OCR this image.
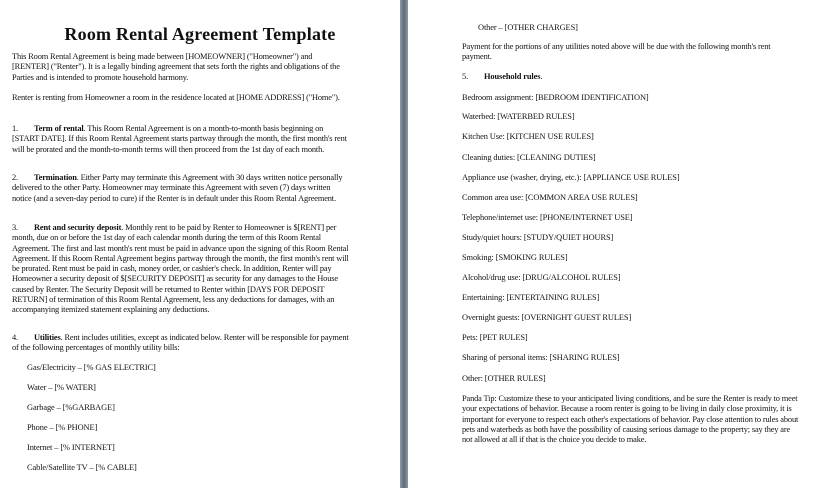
Room Rental Agreement Template
This Room Rental Agreement is being made between [HOMEOWNER] ("Homeowner") and [RENTER] ("Renter"). It is a legally binding agreement that sets forth the rights and obligations of the Parties and is intended to promote household harmony.
Renter is renting from Homeowner a room in the residence located at [HOME ADDRESS] ("Home").
1. Term of rental. This Room Rental Agreement is on a month-to-month basis beginning on [START DATE]. If this Room Rental Agreement starts partway through the month, the first month's rent will be prorated and the month-to-month terms will then proceed from the 1st day of each month.
2. Termination. Either Party may terminate this Agreement with 30 days written notice personally delivered to the other Party. Homeowner may terminate this Agreement with seven (7) days written notice (and a seven-day period to cure) if the Renter is in default under this Room Rental Agreement.
3. Rent and security deposit. Monthly rent to be paid by Renter to Homeowner is $[RENT] per month, due on or before the 1st day of each calendar month during the term of this Room Rental Agreement. The first and last month's rent must be paid in advance upon the signing of this Room Rental Agreement. If this Room Rental Agreement begins partway through the month, the first month's rent will be prorated. Rent must be paid in cash, money order, or cashier's check. In addition, Renter will pay Homeowner a security deposit of $[SECURITY DEPOSIT] as security for any damages to the House caused by Renter. The Security Deposit will be returned to Renter within [DAYS FOR DEPOSIT RETURN] of termination of this Room Rental Agreement, less any deductions for damages, with an accompanying itemized statement explaining any deductions.
4. Utilities. Rent includes utilities, except as indicated below. Renter will be responsible for payment of the following percentages of monthly utility bills:
Gas/Electricity – [% GAS ELECTRIC]
Water – [% WATER]
Garbage – [%GARBAGE]
Phone – [% PHONE]
Internet – [% INTERNET]
Cable/Satellite TV – [% CABLE]
Other – [OTHER CHARGES]
Payment for the portions of any utilities noted above will be due with the following month's rent payment.
5. Household rules.
Bedroom assignment: [BEDROOM IDENTIFICATION]
Waterbed: [WATERBED RULES]
Kitchen Use: [KITCHEN USE RULES]
Cleaning duties: [CLEANING DUTIES]
Appliance use (washer, drying, etc.): [APPLIANCE USE RULES]
Common area use: [COMMON AREA USE RULES]
Telephone/internet use: [PHONE/INTERNET USE]
Study/quiet hours: [STUDY/QUIET HOURS]
Smoking: [SMOKING RULES]
Alcohol/drug use: [DRUG/ALCOHOL RULES]
Entertaining: [ENTERTAINING RULES]
Overnight guests: [OVERNIGHT GUEST RULES]
Pets: [PET RULES]
Sharing of personal items: [SHARING RULES]
Other: [OTHER RULES]
Panda Tip: Customize these to your anticipated living conditions, and be sure the Renter is ready to meet your expectations of behavior. Because a room renter is going to be living in daily close proximity, it is important for everyone to respect each other's expectations of behavior. Pay close attention to rules about pets and waterbeds as both have the possibility of causing serious damage to the property; say they are not allowed at all if that is the choice you decide to make.
